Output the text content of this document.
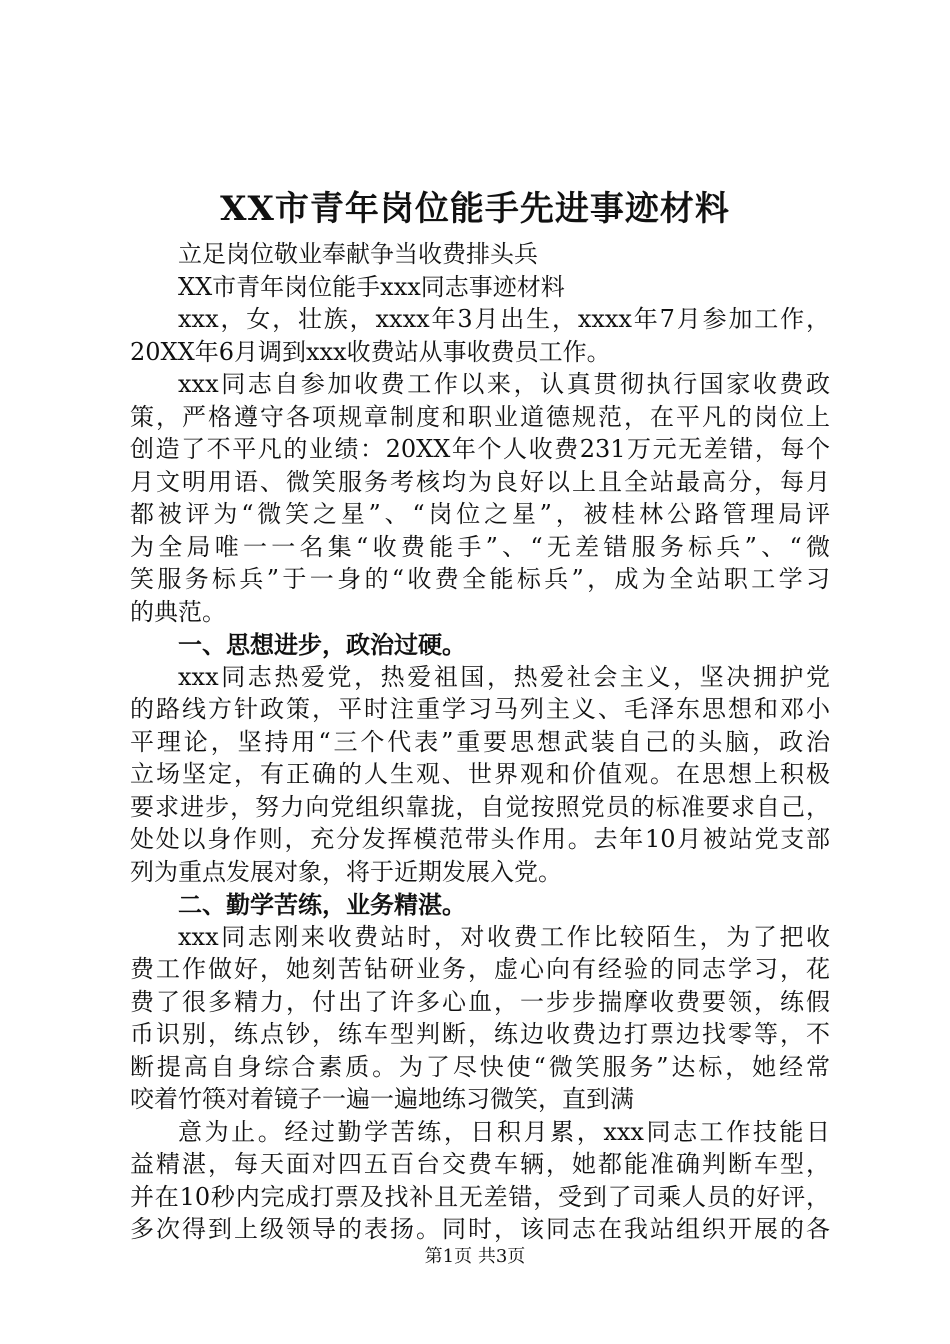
XX市青年岗位能手先进事迹材料
立足岗位敬业奉献争当收费排头兵
XX市青年岗位能手xxx同志事迹材料
xxx，女，壮族，xxxx年3月出生，xxxx年7月参加工作，
20XX年6月调到xxx收费站从事收费员工作。
xxx同志自参加收费工作以来，认真贯彻执行国家收费政
策，严格遵守各项规章制度和职业道德规范，在平凡的岗位上
创造了不平凡的业绩：20XX年个人收费231万元无差错，每个
月文明用语、微笑服务考核均为良好以上且全站最高分，每月
都被评为“微笑之星”、“岗位之星”，被桂林公路管理局评
为全局唯一一名集“收费能手”、“无差错服务标兵”、“微
笑服务标兵”于一身的“收费全能标兵”，成为全站职工学习
的典范。
一、思想进步，政治过硬。
xxx同志热爱党，热爱祖国，热爱社会主义，坚决拥护党
的路线方针政策，平时注重学习马列主义、毛泽东思想和邓小
平理论，坚持用“三个代表”重要思想武装自己的头脑，政治
立场坚定，有正确的人生观、世界观和价值观。在思想上积极
要求进步，努力向党组织靠拢，自觉按照党员的标准要求自己，
处处以身作则，充分发挥模范带头作用。去年10月被站党支部
列为重点发展对象，将于近期发展入党。
二、勤学苦练，业务精湛。
xxx同志刚来收费站时，对收费工作比较陌生，为了把收
费工作做好，她刻苦钻研业务，虚心向有经验的同志学习，花
费了很多精力，付出了许多心血，一步步揣摩收费要领，练假
币识别，练点钞，练车型判断，练边收费边打票边找零等，不
断提高自身综合素质。为了尽快使“微笑服务”达标，她经常
咬着竹筷对着镜子一遍一遍地练习微笑，直到满
意为止。经过勤学苦练，日积月累，xxx同志工作技能日
益精湛，每天面对四五百台交费车辆，她都能准确判断车型，
并在10秒内完成打票及找补且无差错，受到了司乘人员的好评，
多次得到上级领导的表扬。同时，该同志在我站组织开展的各
第1页 共3页
